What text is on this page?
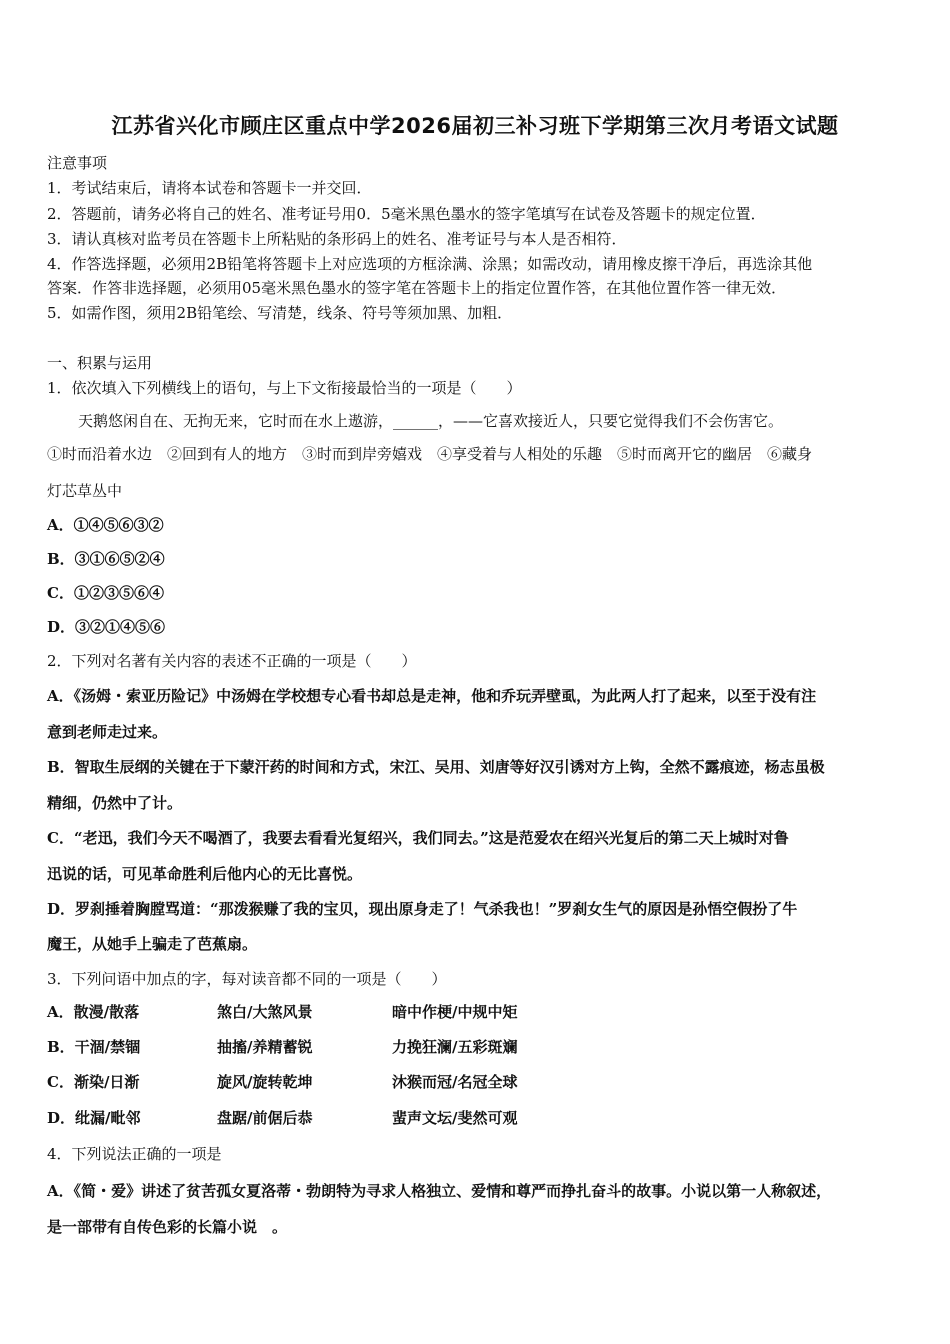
江苏省兴化市顾庄区重点中学2026届初三补习班下学期第三次月考语文试题
注意事项
1．考试结束后，请将本试卷和答题卡一并交回．
2．答题前，请务必将自己的姓名、准考证号用0．5毫米黑色墨水的签字笔填写在试卷及答题卡的规定位置．
3．请认真核对监考员在答题卡上所粘贴的条形码上的姓名、准考证号与本人是否相符．
4．作答选择题，必须用2B铅笔将答题卡上对应选项的方框涂满、涂黑；如需改动，请用橡皮擦干净后，再选涂其他
答案．作答非选择题，必须用05毫米黑色墨水的签字笔在答题卡上的指定位置作答，在其他位置作答一律无效．
5．如需作图，须用2B铅笔绘、写清楚，线条、符号等须加黑、加粗．
一、积累与运用
1．依次填入下列横线上的语句，与上下文衔接最恰当的一项是（　　）
天鹅悠闲自在、无拘无来，它时而在水上遨游，______，——它喜欢接近人，只要它觉得我们不会伤害它。
①时而沿着水边　②回到有人的地方　③时而到岸旁嬉戏　④享受着与人相处的乐趣　⑤时而离开它的幽居　⑥藏身
灯芯草丛中
A．①④⑤⑥③②
B．③①⑥⑤②④
C．①②③⑤⑥④
D．③②①④⑤⑥
2．下列对名著有关内容的表述不正确的一项是（　　）
A．《汤姆・索亚历险记》中汤姆在学校想专心看书却总是走神，他和乔玩弄壁虱，为此两人打了起来，以至于没有注
意到老师走过来。
B．智取生辰纲的关键在于下蒙汗药的时间和方式，宋江、吴用、刘唐等好汉引诱对方上钩，全然不露痕迹，杨志虽极
精细，仍然中了计。
C．“老迅，我们今天不喝酒了，我要去看看光复绍兴，我们同去。”这是范爱农在绍兴光复后的第二天上城时对鲁
迅说的话，可见革命胜利后他内心的无比喜悦。
D．罗刹捶着胸膛骂道：“那泼猴赚了我的宝贝，现出原身走了！气杀我也！”罗刹女生气的原因是孙悟空假扮了牛
魔王，从她手上骗走了芭蕉扇。
3．下列问语中加点的字，每对读音都不同的一项是（　　）
A．散漫/散落	煞白/大煞风景	暗中作梗/中规中矩
B．干涸/禁锢	抽搐/养精蓄锐	力挽狂澜/五彩斑斓
C．渐染/日渐	旋风/旋转乾坤	沐猴而冠/名冠全球
D．纰漏/毗邻	盘踞/前倨后恭	蜚声文坛/斐然可观
4．下列说法正确的一项是
A．《简・爱》讲述了贫苦孤女夏洛蒂・勃朗特为寻求人格独立、爱情和尊严而挣扎奋斗的故事。小说以第一人称叙述，
是一部带有自传色彩的长篇小说　。
